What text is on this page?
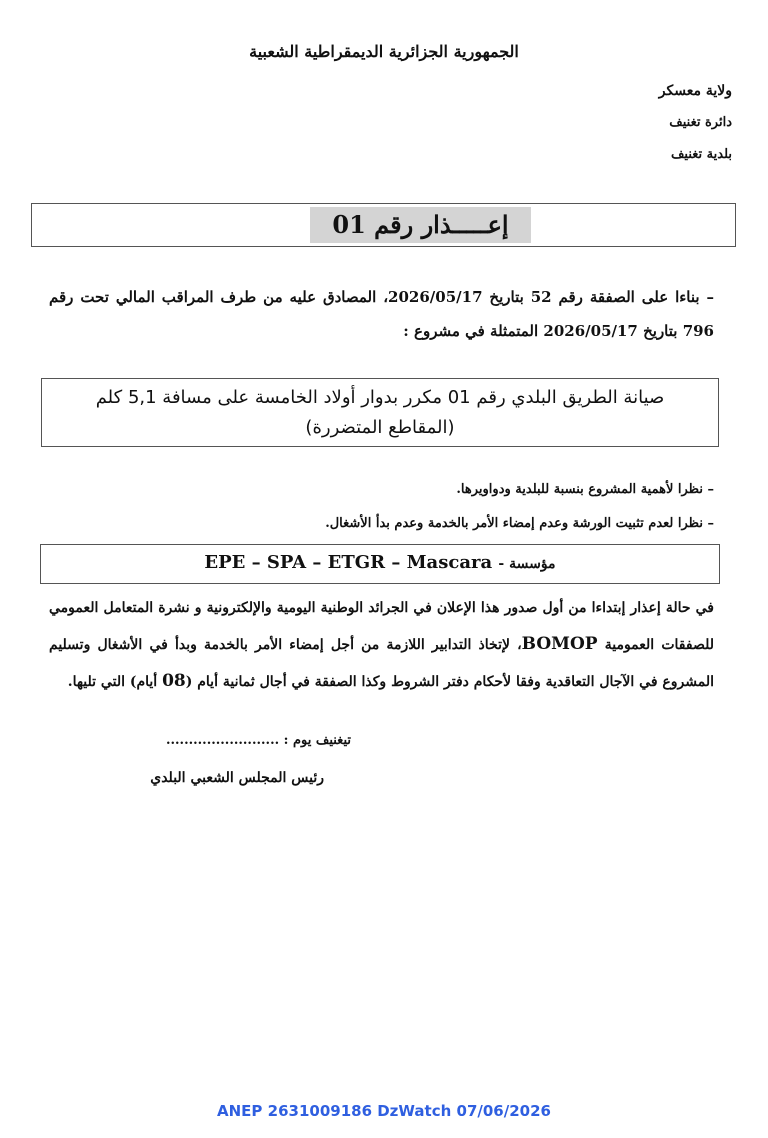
الجمهورية الجزائرية الديمقراطية الشعبية
ولاية معسكر
دائرة تغنيف
بلدية تغنيف
إعـــــذار رقم 01
– بناءا على الصفقة رقم 52 بتاريخ 2026/05/17، المصادق عليه من طرف المراقب المالي تحت رقم 796 بتاريخ 2026/05/17 المتمثلة في مشروع :
صيانة الطريق البلدي رقم 01 مكرر بدوار أولاد الخامسة على مسافة 5,1 كلم
(المقاطع المتضررة)
– نظرا لأهمية المشروع بنسبة للبلدية ودواويرها.
– نظرا لعدم تثبيت الورشة وعدم إمضاء الأمر بالخدمة وعدم بدأ الأشغال.
مؤسسة - EPE – SPA – ETGR – Mascara
في حالة إعذار إبتداءا من أول صدور هذا الإعلان في الجرائد الوطنية اليومية والإلكترونية و نشرة المتعامل العمومي للصفقات العمومية BOMOP، لإتخاذ التدابير اللازمة من أجل إمضاء الأمر بالخدمة وبدأ في الأشغال وتسليم المشروع في الآجال التعاقدية وفقا لأحكام دفتر الشروط وكذا الصفقة في أجال ثمانية أيام (08 أيام) التي تليها.
تيغنيف يوم : .........................
رئيس المجلس الشعبي البلدي
ANEP 2631009186 DzWatch 07/06/2026
